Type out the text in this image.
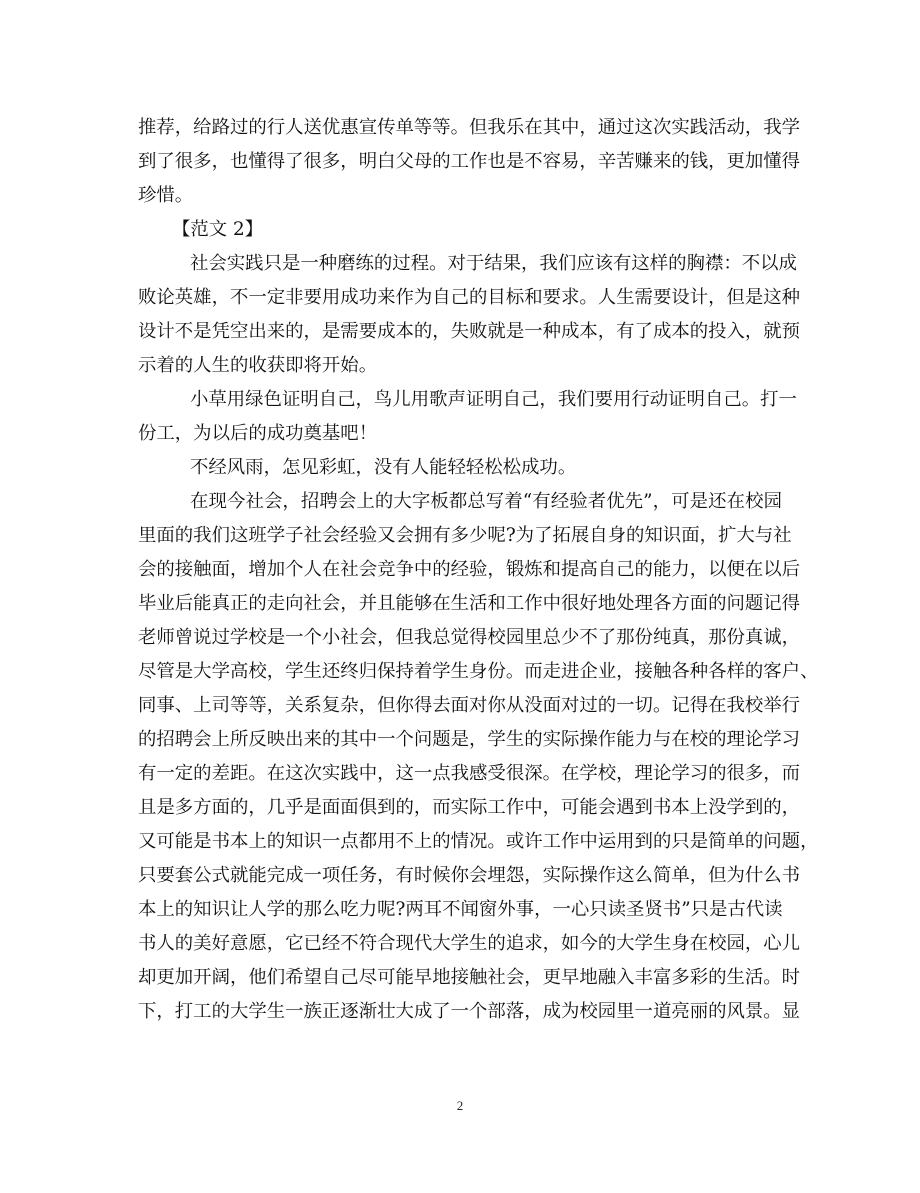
推荐，给路过的行人送优惠宣传单等等。但我乐在其中，通过这次实践活动，我学
到了很多，也懂得了很多，明白父母的工作也是不容易，辛苦赚来的钱，更加懂得
珍惜。
【范文 2】
社会实践只是一种磨练的过程。对于结果，我们应该有这样的胸襟：不以成
败论英雄，不一定非要用成功来作为自己的目标和要求。人生需要设计，但是这种
设计不是凭空出来的，是需要成本的，失败就是一种成本，有了成本的投入，就预
示着的人生的收获即将开始。
小草用绿色证明自己，鸟儿用歌声证明自己，我们要用行动证明自己。打一
份工，为以后的成功奠基吧！
不经风雨，怎见彩虹，没有人能轻轻松松成功。
在现今社会，招聘会上的大字板都总写着“有经验者优先”，可是还在校园
里面的我们这班学子社会经验又会拥有多少呢?为了拓展自身的知识面，扩大与社
会的接触面，增加个人在社会竞争中的经验，锻炼和提高自己的能力，以便在以后
毕业后能真正的走向社会，并且能够在生活和工作中很好地处理各方面的问题记得
老师曾说过学校是一个小社会，但我总觉得校园里总少不了那份纯真，那份真诚，
尽管是大学高校，学生还终归保持着学生身份。而走进企业，接触各种各样的客户、
同事、上司等等，关系复杂，但你得去面对你从没面对过的一切。记得在我校举行
的招聘会上所反映出来的其中一个问题是，学生的实际操作能力与在校的理论学习
有一定的差距。在这次实践中，这一点我感受很深。在学校，理论学习的很多，而
且是多方面的，几乎是面面俱到的，而实际工作中，可能会遇到书本上没学到的，
又可能是书本上的知识一点都用不上的情况。或许工作中运用到的只是简单的问题，
只要套公式就能完成一项任务，有时候你会埋怨，实际操作这么简单，但为什么书
本上的知识让人学的那么吃力呢?两耳不闻窗外事，一心只读圣贤书”只是古代读
书人的美好意愿，它已经不符合现代大学生的追求，如今的大学生身在校园，心儿
却更加开阔，他们希望自己尽可能早地接触社会，更早地融入丰富多彩的生活。时
下，打工的大学生一族正逐渐壮大成了一个部落，成为校园里一道亮丽的风景。显
2
